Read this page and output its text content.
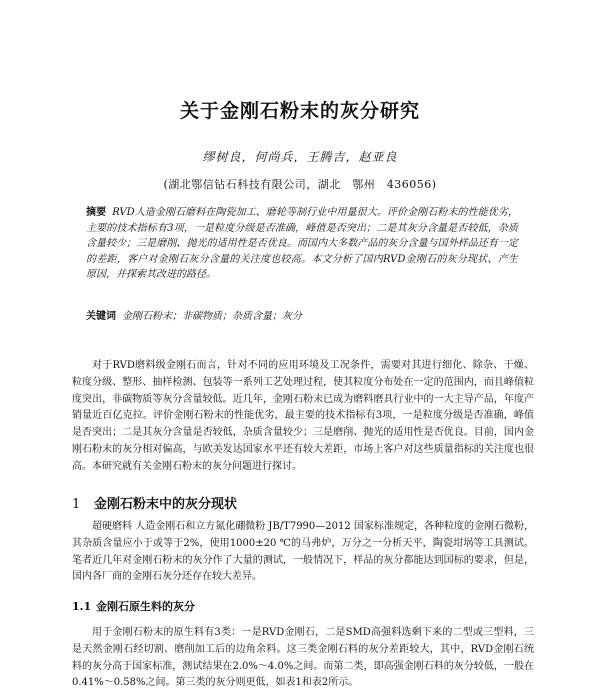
关于金刚石粉末的灰分研究
缪树良，何尚兵，王腾吉，赵亚良
(湖北鄂信钻石科技有限公司，湖北　鄂州　436056)
摘要 RVD人造金刚石磨料在陶瓷加工、磨轮等制行业中用量很大。评价金刚石粉末的性能优劣，主要的技术指标有3项，一是粒度分级是否准确，峰值是否突出；二是其灰分含量是否较低，杂质含量较少；三是磨削、抛光的适用性是否优良。而国内大多数产品的灰分含量与国外样品还有一定的差距，客户对金刚石灰分含量的关注度也较高。本文分析了国内RVD金刚石的灰分现状、产生原因，并探索其改进的路径。
关键词 金刚石粉末；非碳物质；杂质含量；灰分
对于RVD磨料级金刚石而言，针对不同的应用环境及工况条件，需要对其进行细化、除杂、干燥、粒度分级、整形、抽样检测、包装等一系列工艺处理过程，使其粒度分布处在一定的范围内，而且峰值粒度突出，非碳物质等灰分含量较低。近几年，金刚石粉末已成为磨料磨具行业中的一大主导产品，年度产销量近百亿克拉。评价金刚石粉末的性能优劣，最主要的技术指标有3项，一是粒度分级是否准确，峰值是否突出；二是其灰分含量是否较低，杂质含量较少；三是磨削、抛光的适用性是否优良。目前，国内金刚石粉末的灰分相对偏高，与欧美发达国家水平还有较大差距，市场上客户对这些质量指标的关注度也很高。本研究就有关金刚石粉末的灰分问题进行探讨。
1 金刚石粉末中的灰分现状
超硬磨料 人造金刚石和立方氮化硼微粉 JB/T7990—2012 国家标准规定，各种粒度的金刚石微粉，其杂质含量应小于或等于2%，使用1000±20 ℃的马弗炉，万分之一分析天平，陶瓷坩埚等工具测试。笔者近几年对金刚石粉末的灰分作了大量的测试，一般情况下，样品的灰分都能达到国标的要求，但是，国内各厂商的金刚石灰分还存在较大差异。
1.1 金刚石原生料的灰分
用于金刚石粉末的原生料有3类：一是RVD金刚石，二是SMD高强料选剩下来的二型或三型料，三是天然金刚石经切割、磨削加工后的边角余料。这三类金刚石料的灰分差距较大，其中，RVD金刚石统料的灰分高于国家标准，测试结果在2.0%～4.0%之间。而第二类，即高强金刚石料的灰分较低，一般在0.41%～0.58%之间。第三类的灰分则更低，如表1和表2所示。
